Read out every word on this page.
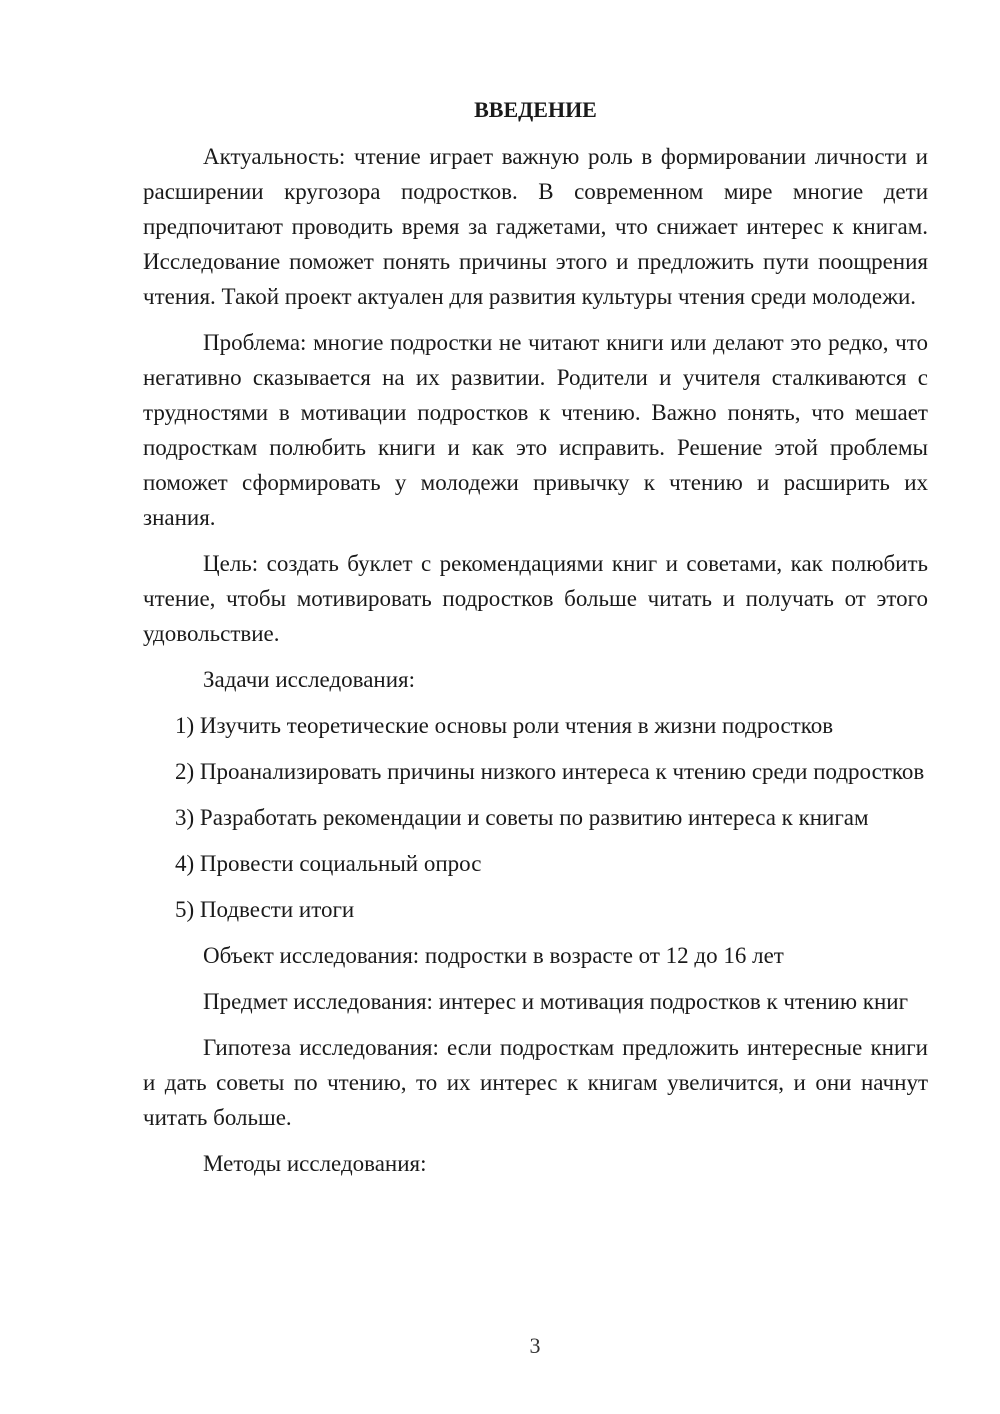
ВВЕДЕНИЕ

Актуальность: чтение играет важную роль в формировании личности и расширении кругозора подростков. В современном мире многие дети предпочитают проводить время за гаджетами, что снижает интерес к книгам. Исследование поможет понять причины этого и предложить пути поощрения чтения. Такой проект актуален для развития культуры чтения среди молодежи.

Проблема: многие подростки не читают книги или делают это редко, что негативно сказывается на их развитии. Родители и учителя сталкиваются с трудностями в мотивации подростков к чтению. Важно понять, что мешает подросткам полюбить книги и как это исправить. Решение этой проблемы поможет сформировать у молодежи привычку к чтению и расширить их знания.

Цель: создать буклет с рекомендациями книг и советами, как полюбить чтение, чтобы мотивировать подростков больше читать и получать от этого удовольствие.

Задачи исследования:

1) Изучить теоретические основы роли чтения в жизни подростков

2) Проанализировать причины низкого интереса к чтению среди подростков

3) Разработать рекомендации и советы по развитию интереса к книгам

4) Провести социальный опрос

5) Подвести итоги

Объект исследования: подростки в возрасте от 12 до 16 лет

Предмет исследования: интерес и мотивация подростков к чтению книг

Гипотеза исследования: если подросткам предложить интересные книги и дать советы по чтению, то их интерес к книгам увеличится, и они начнут читать больше.

Методы исследования:

3
